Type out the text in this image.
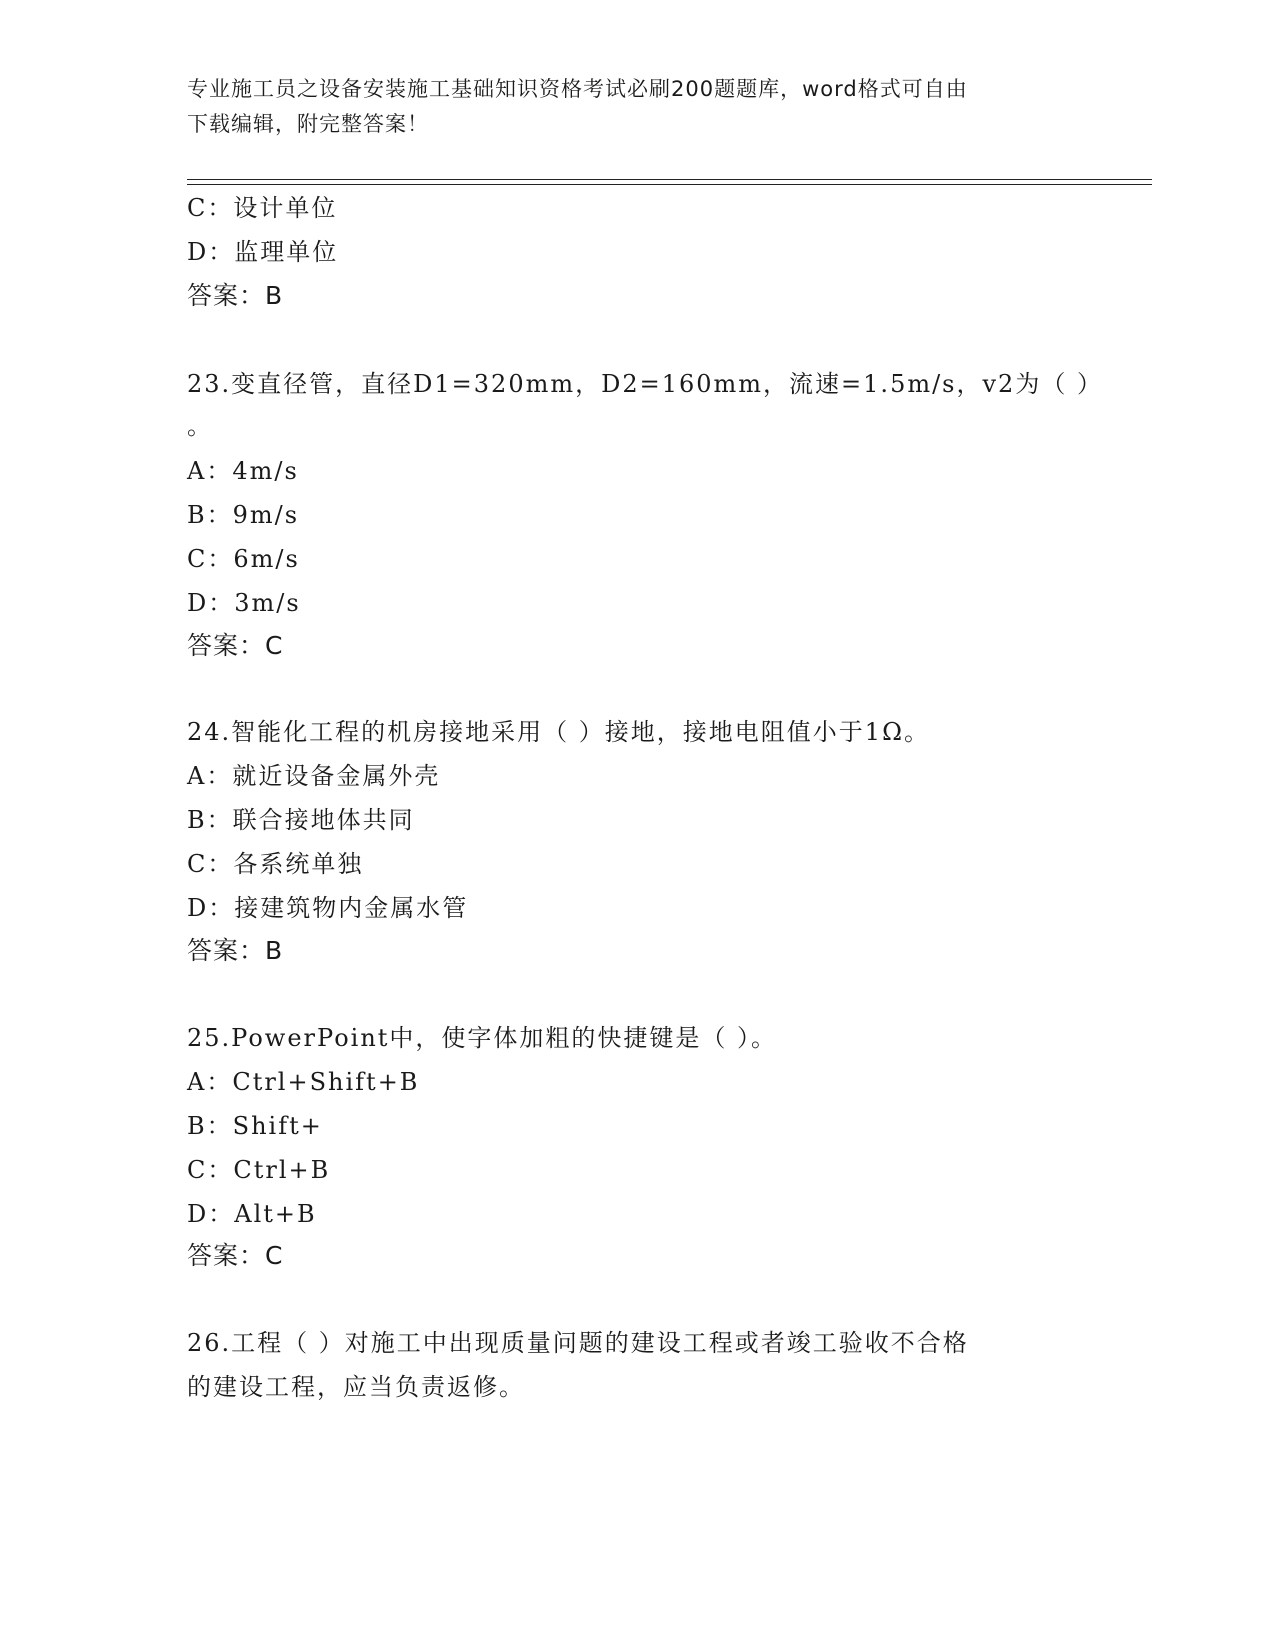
专业施工员之设备安装施工基础知识资格考试必刷200题题库，word格式可自由
下载编辑，附完整答案！
C：设计单位
D：监理单位
答案：B
23.变直径管，直径D1=320mm，D2=160mm，流速=1.5m/s，v2为（ ）
。
A：4m/s
B：9m/s
C：6m/s
D：3m/s
答案：C
24.智能化工程的机房接地采用（ ）接地，接地电阻值小于1Ω。
A：就近设备金属外壳
B：联合接地体共同
C：各系统单独
D：接建筑物内金属水管
答案：B
25.PowerPoint中，使字体加粗的快捷键是（ ）。
A：Ctrl+Shift+B
B：Shift+
C：Ctrl+B
D：Alt+B
答案：C
26.工程（ ）对施工中出现质量问题的建设工程或者竣工验收不合格
的建设工程，应当负责返修。
